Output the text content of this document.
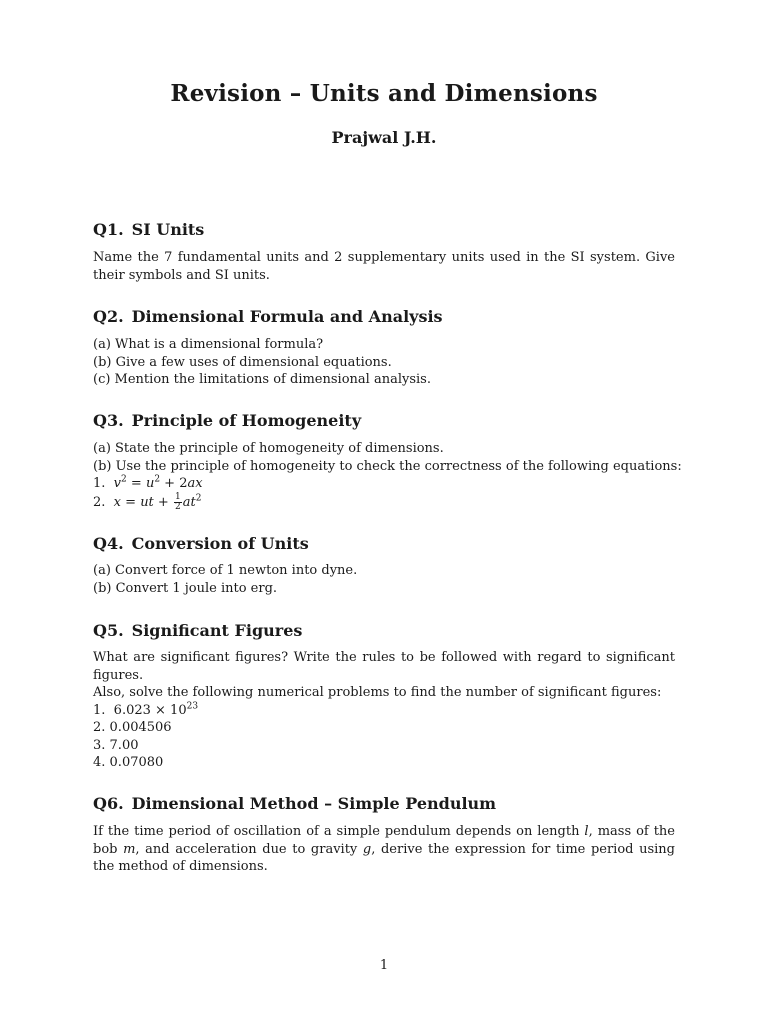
Revision – Units and Dimensions
Prajwal J.H.
Q1. SI Units
Name the 7 fundamental units and 2 supplementary units used in the SI system. Give their symbols and SI units.
Q2. Dimensional Formula and Analysis
(a) What is a dimensional formula?
(b) Give a few uses of dimensional equations.
(c) Mention the limitations of dimensional analysis.
Q3. Principle of Homogeneity
(a) State the principle of homogeneity of dimensions.
(b) Use the principle of homogeneity to check the correctness of the following equations:
1. $v^2 = u^2 + 2ax$
2. x = ut + $\frac{1}{2} at^2$
Q4. Conversion of Units
(a) Convert force of 1 newton into dyne.
(b) Convert 1 joule into erg.
Q5. Significant Figures
What are significant figures? Write the rules to be followed with regard to significant figures.
Also, solve the following numerical problems to find the number of significant figures:
1. $6.023 \times 10^{23}$
2. 0.004506
3. 7.00
4. 0.07080
Q6. Dimensional Method – Simple Pendulum
If the time period of oscillation of a simple pendulum depends on length l, mass of the bob m, and acceleration due to gravity g, derive the expression for time period using the method of dimensions.
1
